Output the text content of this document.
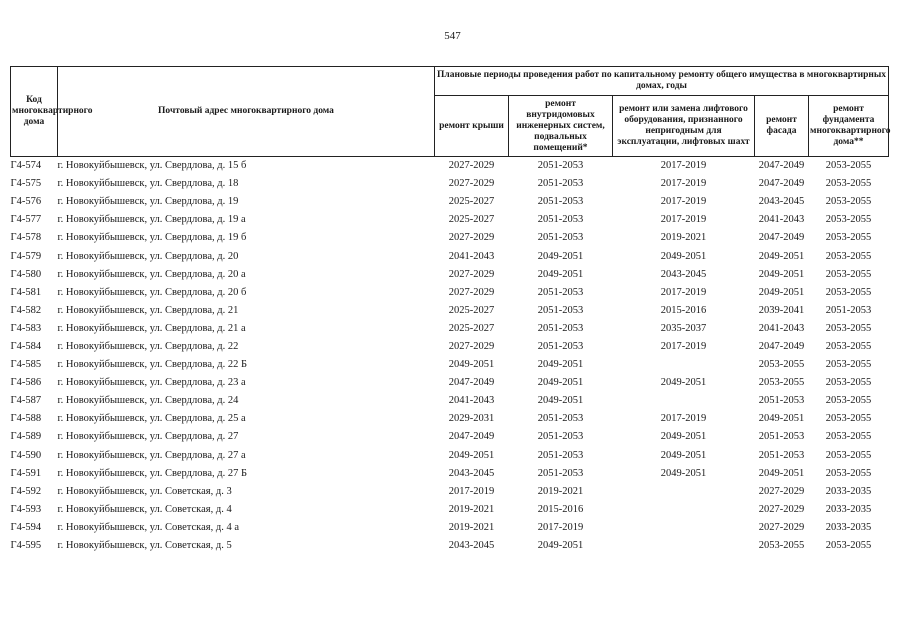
547
Код многоквартирного дома	Почтовый адрес многоквартирного дома	Плановые периоды проведения работ по капитальному ремонту общего имущества в многоквартирных домах, годы				
		ремонт крыши	ремонт внутридомовых инженерных систем, подвальных помещений*	ремонт или замена лифтового оборудования, признанного непригодным для эксплуатации, лифтовых шахт	ремонт фасада	ремонт фундамента многоквартирного дома**
Г4-574	г. Новокуйбышевск, ул. Свердлова, д. 15 б	2027-2029	2051-2053	2017-2019	2047-2049	2053-2055
Г4-575	г. Новокуйбышевск, ул. Свердлова, д. 18	2027-2029	2051-2053	2017-2019	2047-2049	2053-2055
Г4-576	г. Новокуйбышевск, ул. Свердлова, д. 19	2025-2027	2051-2053	2017-2019	2043-2045	2053-2055
Г4-577	г. Новокуйбышевск, ул. Свердлова, д. 19 а	2025-2027	2051-2053	2017-2019	2041-2043	2053-2055
Г4-578	г. Новокуйбышевск, ул. Свердлова, д. 19 б	2027-2029	2051-2053	2019-2021	2047-2049	2053-2055
Г4-579	г. Новокуйбышевск, ул. Свердлова, д. 20	2041-2043	2049-2051	2049-2051	2049-2051	2053-2055
Г4-580	г. Новокуйбышевск, ул. Свердлова, д. 20 а	2027-2029	2049-2051	2043-2045	2049-2051	2053-2055
Г4-581	г. Новокуйбышевск, ул. Свердлова, д. 20 б	2027-2029	2051-2053	2017-2019	2049-2051	2053-2055
Г4-582	г. Новокуйбышевск, ул. Свердлова, д. 21	2025-2027	2051-2053	2015-2016	2039-2041	2051-2053
Г4-583	г. Новокуйбышевск, ул. Свердлова, д. 21 а	2025-2027	2051-2053	2035-2037	2041-2043	2053-2055
Г4-584	г. Новокуйбышевск, ул. Свердлова, д. 22	2027-2029	2051-2053	2017-2019	2047-2049	2053-2055
Г4-585	г. Новокуйбышевск, ул. Свердлова, д. 22 Б	2049-2051	2049-2051		2053-2055	2053-2055
Г4-586	г. Новокуйбышевск, ул. Свердлова, д. 23 а	2047-2049	2049-2051	2049-2051	2053-2055	2053-2055
Г4-587	г. Новокуйбышевск, ул. Свердлова, д. 24	2041-2043	2049-2051		2051-2053	2053-2055
Г4-588	г. Новокуйбышевск, ул. Свердлова, д. 25 а	2029-2031	2051-2053	2017-2019	2049-2051	2053-2055
Г4-589	г. Новокуйбышевск, ул. Свердлова, д. 27	2047-2049	2051-2053	2049-2051	2051-2053	2053-2055
Г4-590	г. Новокуйбышевск, ул. Свердлова, д. 27 а	2049-2051	2051-2053	2049-2051	2051-2053	2053-2055
Г4-591	г. Новокуйбышевск, ул. Свердлова, д. 27 Б	2043-2045	2051-2053	2049-2051	2049-2051	2053-2055
Г4-592	г. Новокуйбышевск, ул. Советская, д. 3	2017-2019	2019-2021		2027-2029	2033-2035
Г4-593	г. Новокуйбышевск, ул. Советская, д. 4	2019-2021	2015-2016		2027-2029	2033-2035
Г4-594	г. Новокуйбышевск, ул. Советская, д. 4 а	2019-2021	2017-2019		2027-2029	2033-2035
Г4-595	г. Новокуйбышевск, ул. Советская, д. 5	2043-2045	2049-2051		2053-2055	2053-2055
